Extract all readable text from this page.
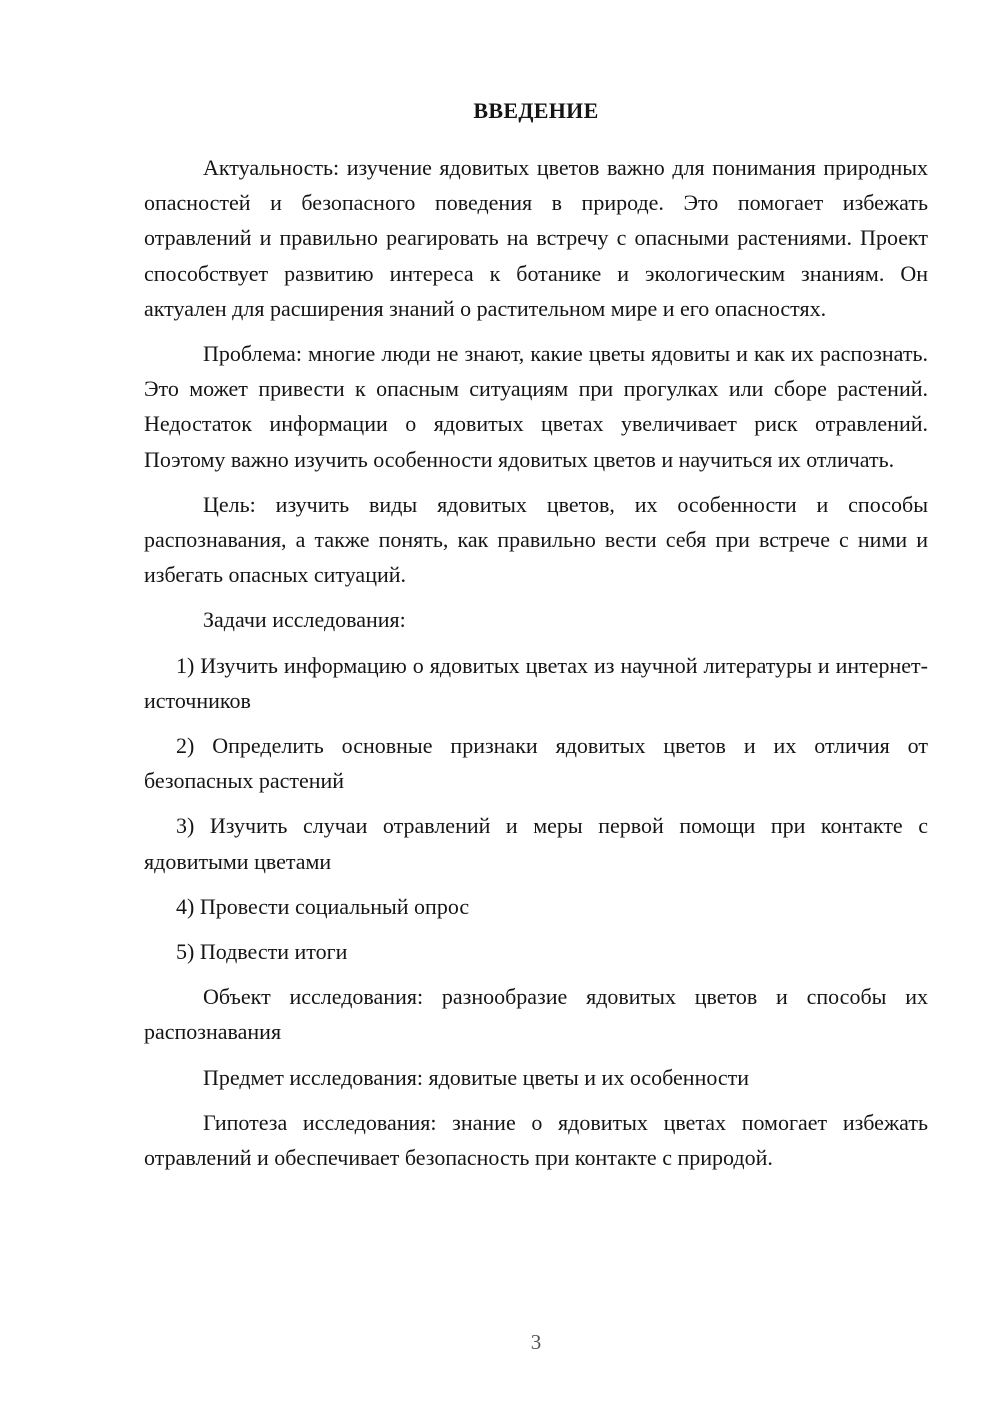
ВВЕДЕНИЕ

Актуальность: изучение ядовитых цветов важно для понимания природных опасностей и безопасного поведения в природе. Это помогает избежать отравлений и правильно реагировать на встречу с опасными растениями. Проект способствует развитию интереса к ботанике и экологическим знаниям. Он актуален для расширения знаний о растительном мире и его опасностях.

Проблема: многие люди не знают, какие цветы ядовиты и как их распознать. Это может привести к опасным ситуациям при прогулках или сборе растений. Недостаток информации о ядовитых цветах увеличивает риск отравлений. Поэтому важно изучить особенности ядовитых цветов и научиться их отличать.

Цель: изучить виды ядовитых цветов, их особенности и способы распознавания, а также понять, как правильно вести себя при встрече с ними и избегать опасных ситуаций.

Задачи исследования:

1) Изучить информацию о ядовитых цветах из научной литературы и интернет-источников

2) Определить основные признаки ядовитых цветов и их отличия от безопасных растений

3) Изучить случаи отравлений и меры первой помощи при контакте с ядовитыми цветами

4) Провести социальный опрос

5) Подвести итоги

Объект исследования: разнообразие ядовитых цветов и способы их распознавания

Предмет исследования: ядовитые цветы и их особенности

Гипотеза исследования: знание о ядовитых цветах помогает избежать отравлений и обеспечивает безопасность при контакте с природой.

3
